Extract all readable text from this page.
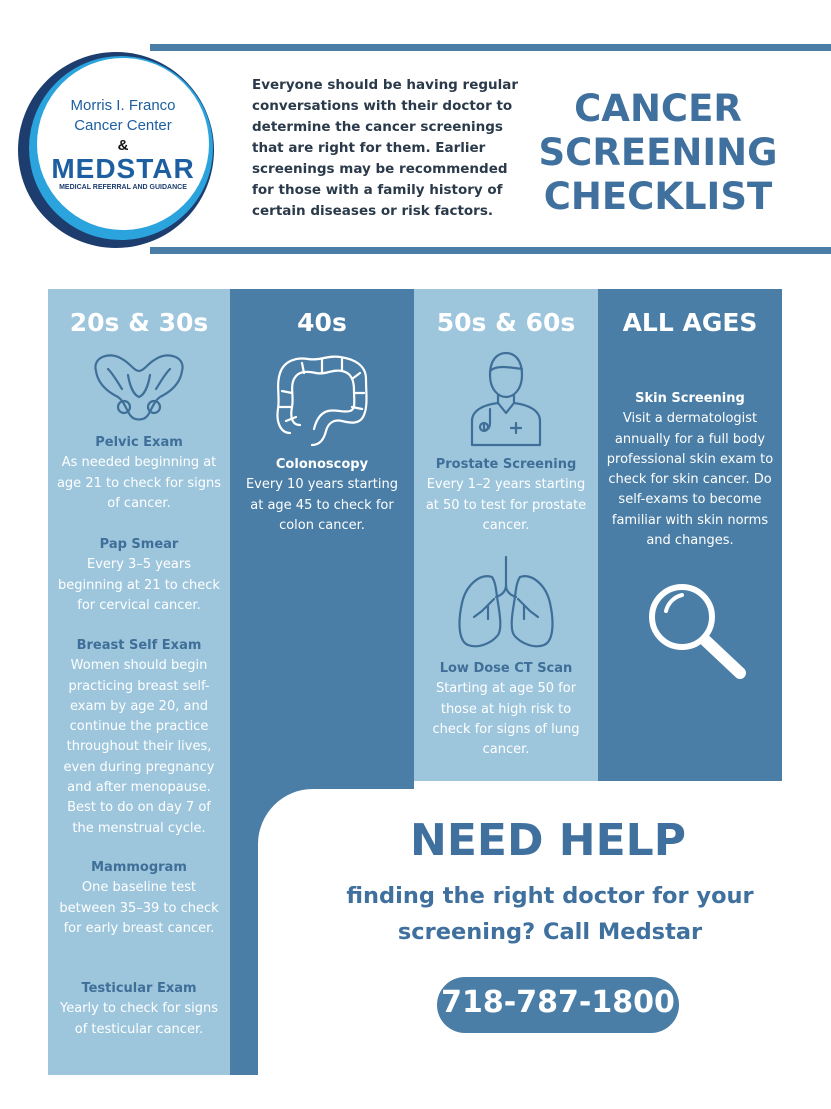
Morris I. Franco
Cancer Center
&
MEDSTAR
MEDICAL REFERRAL AND GUIDANCE
Everyone should be having regular conversations with their doctor to determine the cancer screenings that are right for them. Earlier screenings may be recommended for those with a family history of certain diseases or risk factors.
CANCER
SCREENING
CHECKLIST
20s & 30s
Pelvic Exam
As needed beginning at age 21 to check for signs of cancer.
Pap Smear
Every 3–5 years beginning at 21 to check for cervical cancer.
Breast Self Exam
Women should begin practicing breast self-exam by age 20, and continue the practice throughout their lives, even during pregnancy and after menopause. Best to do on day 7 of the menstrual cycle.
Mammogram
One baseline test between 35–39 to check for early breast cancer.
Testicular Exam
Yearly to check for signs of testicular cancer.
40s
Colonoscopy
Every 10 years starting at age 45 to check for colon cancer.
50s & 60s
Prostate Screening
Every 1–2 years starting at 50 to test for prostate cancer.
Low Dose CT Scan
Starting at age 50 for those at high risk to check for signs of lung cancer.
ALL AGES
Skin Screening
Visit a dermatologist annually for a full body professional skin exam to check for skin cancer. Do self-exams to become familiar with skin norms and changes.
NEED HELP
finding the right doctor for your screening? Call Medstar
718-787-1800
